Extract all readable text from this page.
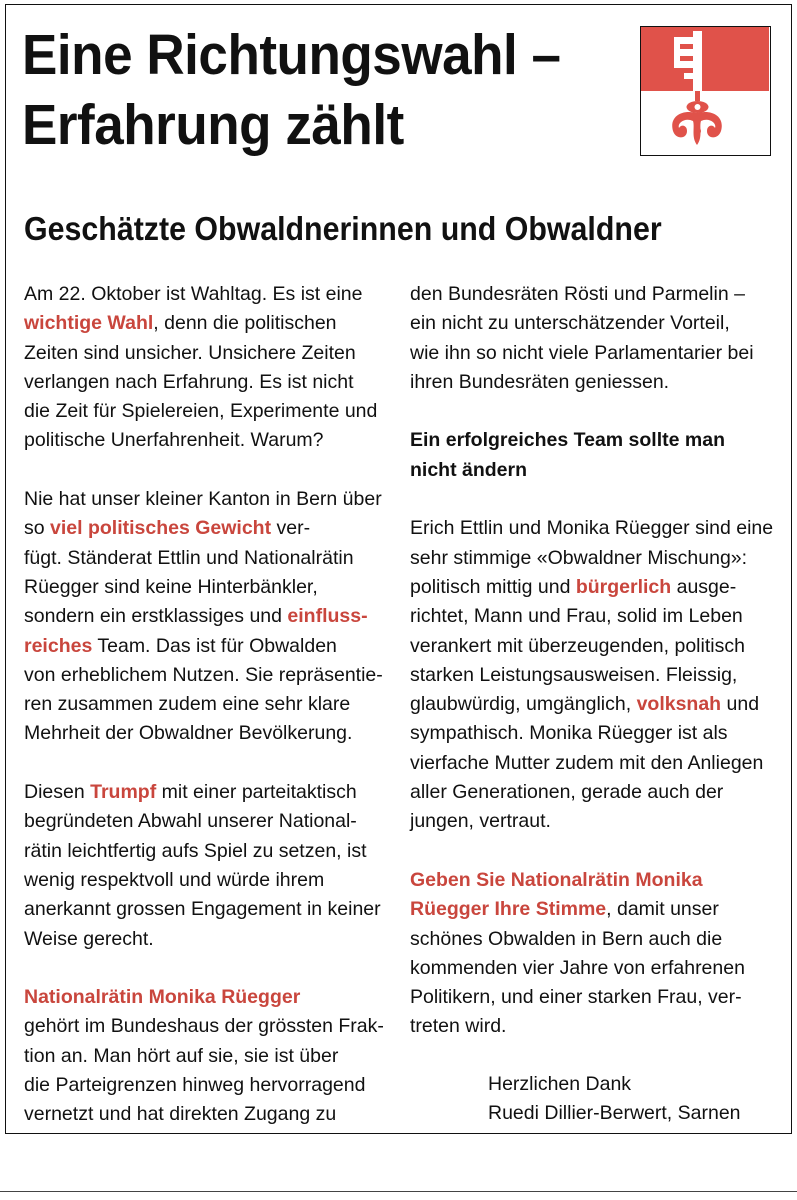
Eine Richtungswahl –
Erfahrung zählt
Geschätzte Obwaldnerinnen und Obwaldner

Am 22. Oktober ist Wahltag. Es ist eine
wichtige Wahl, denn die politischen
Zeiten sind unsicher. Unsichere Zeiten
verlangen nach Erfahrung. Es ist nicht
die Zeit für Spielereien, Experimente und
politische Unerfahrenheit. Warum?

Nie hat unser kleiner Kanton in Bern über
so viel politisches Gewicht ver-
fügt. Ständerat Ettlin und Nationalrätin
Rüegger sind keine Hinterbänkler,
sondern ein erstklassiges und einfluss-
reiches Team. Das ist für Obwalden
von erheblichem Nutzen. Sie repräsentie-
ren zusammen zudem eine sehr klare
Mehrheit der Obwaldner Bevölkerung.

Diesen Trumpf mit einer parteitaktisch
begründeten Abwahl unserer National-
rätin leichtfertig aufs Spiel zu setzen, ist
wenig respektvoll und würde ihrem
anerkannt grossen Engagement in keiner
Weise gerecht.

Nationalrätin Monika Rüegger
gehört im Bundeshaus der grössten Frak-
tion an. Man hört auf sie, sie ist über
die Parteigrenzen hinweg hervorragend
vernetzt und hat direkten Zugang zu

den Bundesräten Rösti und Parmelin –
ein nicht zu unterschätzender Vorteil,
wie ihn so nicht viele Parlamentarier bei
ihren Bundesräten geniessen.

Ein erfolgreiches Team sollte man
nicht ändern

Erich Ettlin und Monika Rüegger sind eine
sehr stimmige «Obwaldner Mischung»:
politisch mittig und bürgerlich ausge-
richtet, Mann und Frau, solid im Leben
verankert mit überzeugenden, politisch
starken Leistungsausweisen. Fleissig,
glaubwürdig, umgänglich, volksnah und
sympathisch. Monika Rüegger ist als
vierfache Mutter zudem mit den Anliegen
aller Generationen, gerade auch der
jungen, vertraut.

Geben Sie Nationalrätin Monika
Rüegger Ihre Stimme, damit unser
schönes Obwalden in Bern auch die
kommenden vier Jahre von erfahrenen
Politikern, und einer starken Frau, ver-
treten wird.

Herzlichen Dank
Ruedi Dillier-Berwert, Sarnen
